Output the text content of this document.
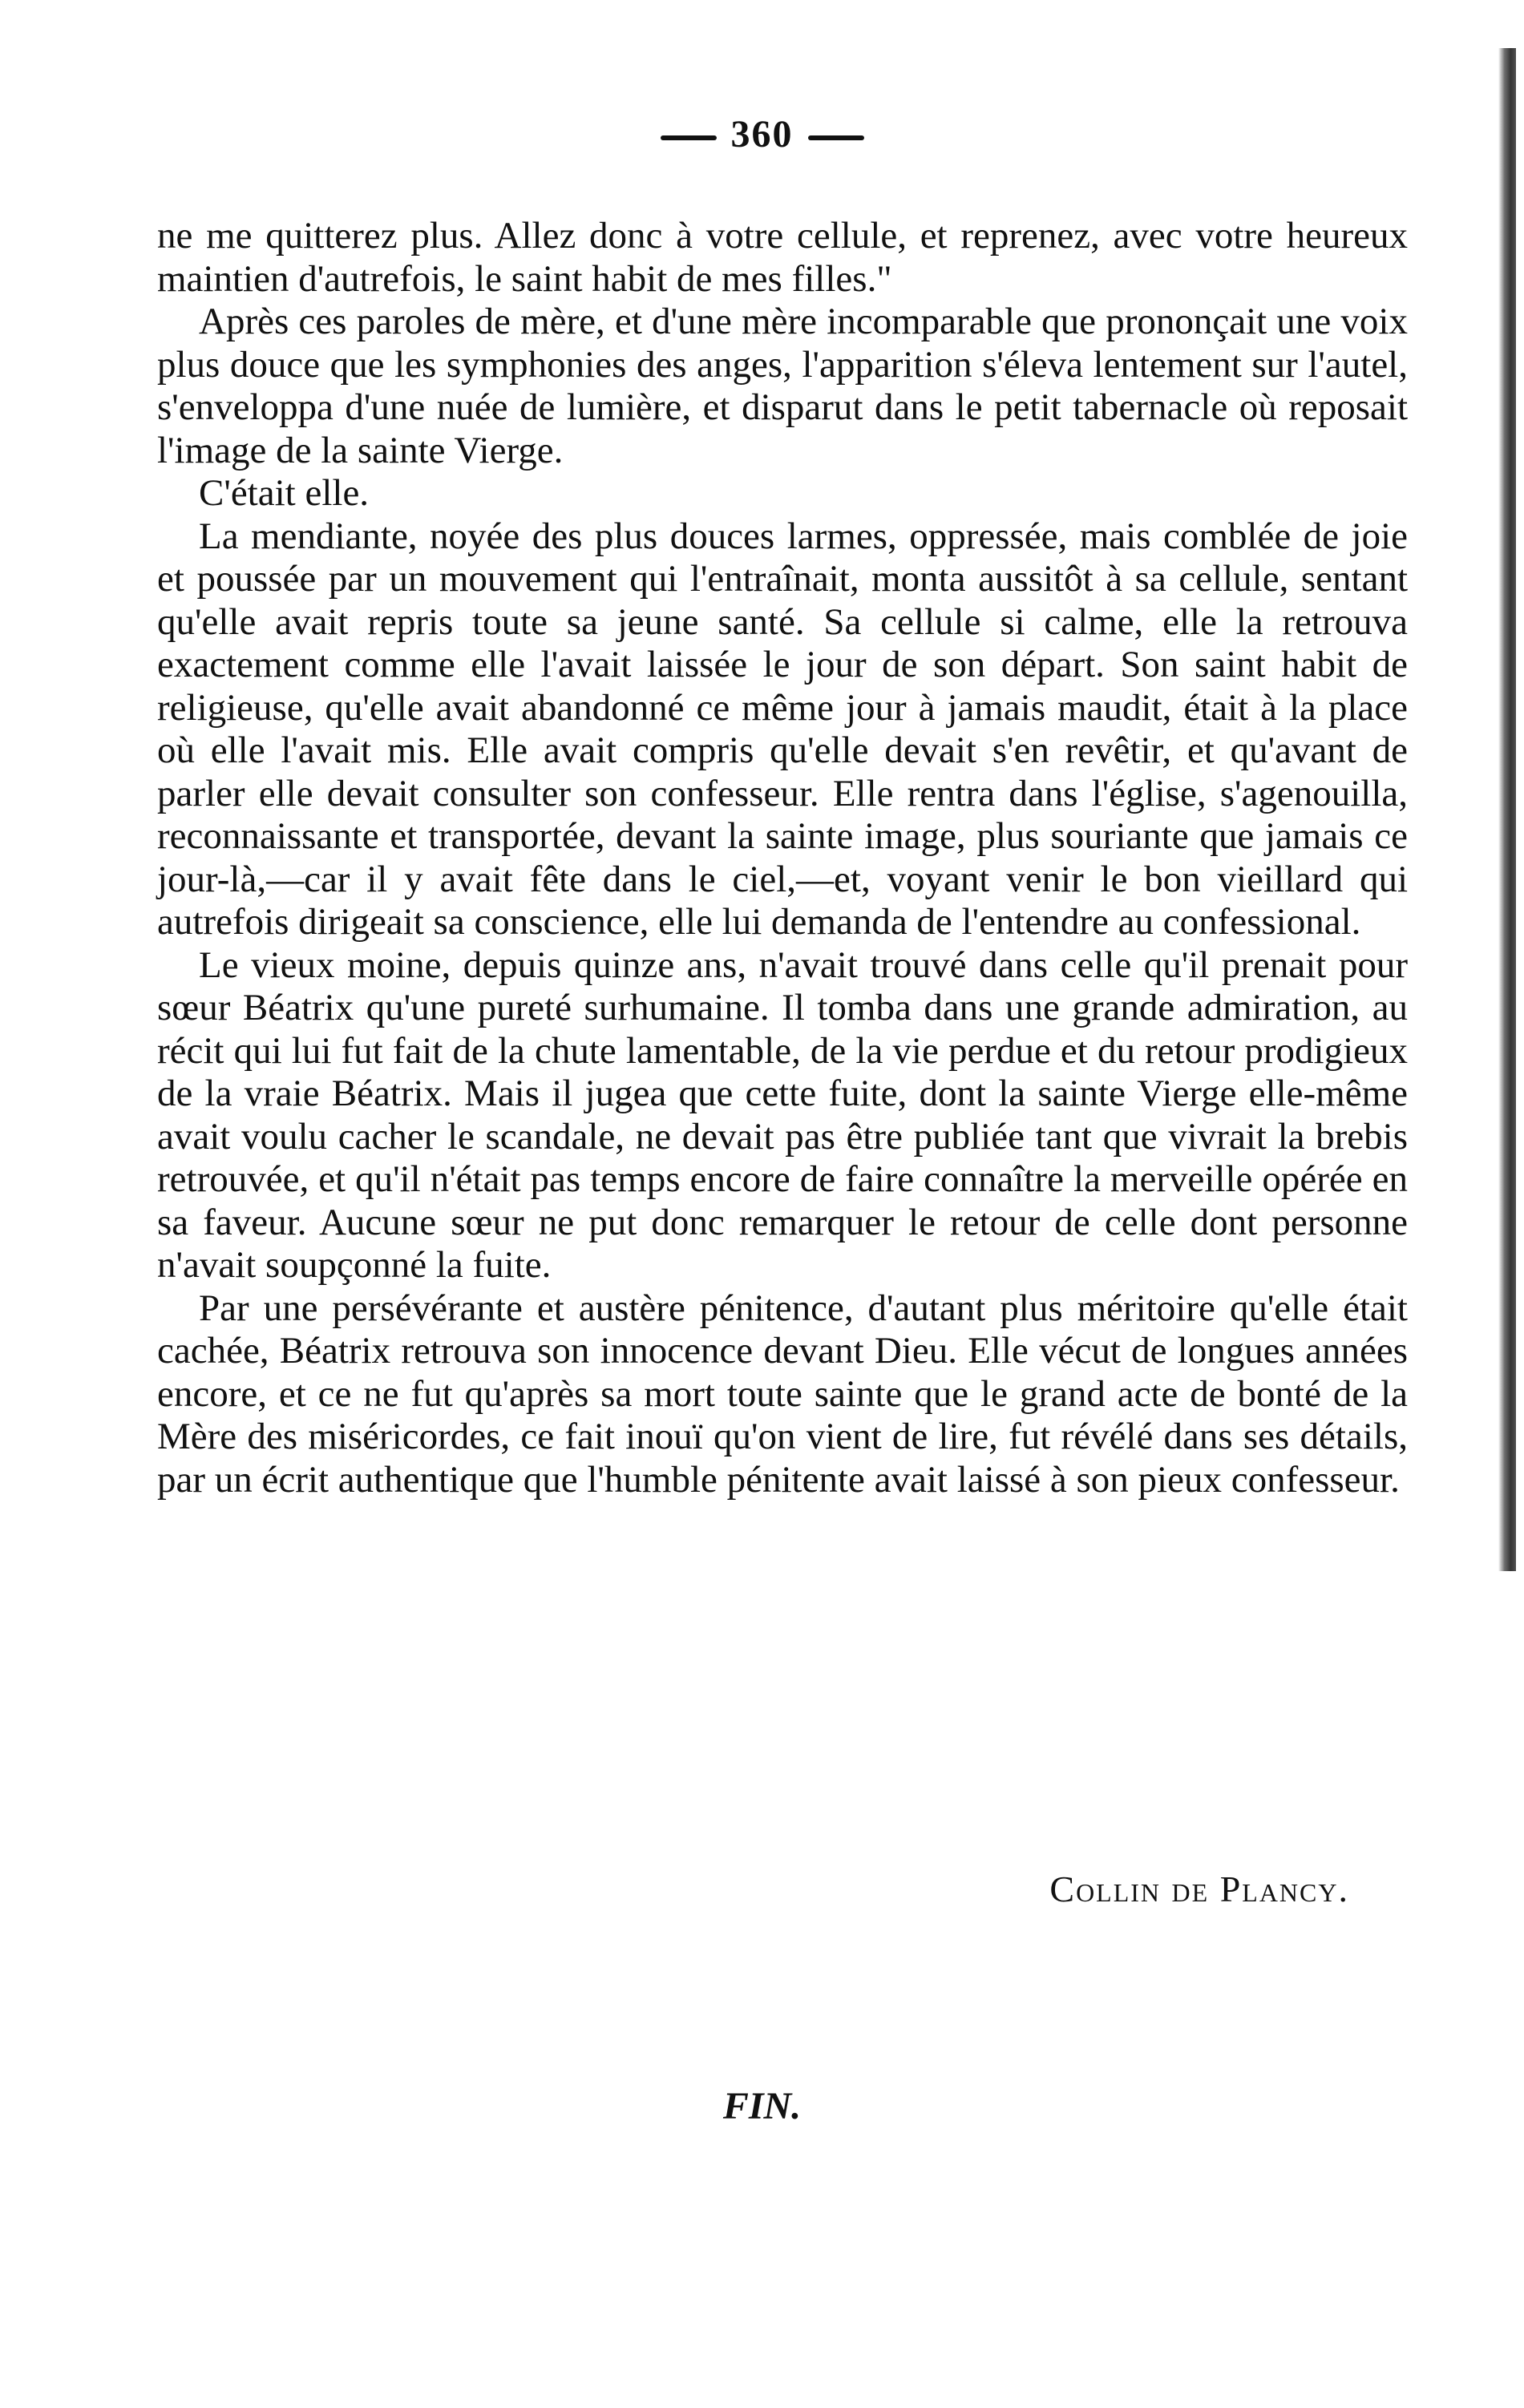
360

ne me quitterez plus. Allez donc à votre cellule, et reprenez, avec votre heureux maintien d'autrefois, le saint habit de mes filles."

Après ces paroles de mère, et d'une mère incomparable que prononçait une voix plus douce que les symphonies des anges, l'apparition s'éleva lentement sur l'autel, s'enveloppa d'une nuée de lumière, et disparut dans le petit tabernacle où reposait l'image de la sainte Vierge.

C'était elle.

La mendiante, noyée des plus douces larmes, oppressée, mais comblée de joie et poussée par un mouvement qui l'entraînait, monta aussitôt à sa cellule, sentant qu'elle avait repris toute sa jeune santé. Sa cellule si calme, elle la retrouva exactement comme elle l'avait laissée le jour de son départ. Son saint habit de religieuse, qu'elle avait abandonné ce même jour à jamais maudit, était à la place où elle l'avait mis. Elle avait compris qu'elle devait s'en revêtir, et qu'avant de parler elle devait consulter son confesseur. Elle rentra dans l'église, s'agenouilla, reconnaissante et transportée, devant la sainte image, plus souriante que jamais ce jour-là,—car il y avait fête dans le ciel,—et, voyant venir le bon vieillard qui autrefois dirigeait sa conscience, elle lui demanda de l'entendre au confessional.

Le vieux moine, depuis quinze ans, n'avait trouvé dans celle qu'il prenait pour sœur Béatrix qu'une pureté surhumaine. Il tomba dans une grande admiration, au récit qui lui fut fait de la chute lamentable, de la vie perdue et du retour prodigieux de la vraie Béatrix. Mais il jugea que cette fuite, dont la sainte Vierge elle-même avait voulu cacher le scandale, ne devait pas être publiée tant que vivrait la brebis retrouvée, et qu'il n'était pas temps encore de faire connaître la merveille opérée en sa faveur. Aucune sœur ne put donc remarquer le retour de celle dont personne n'avait soupçonné la fuite.

Par une persévérante et austère pénitence, d'autant plus méritoire qu'elle était cachée, Béatrix retrouva son innocence devant Dieu. Elle vécut de longues années encore, et ce ne fut qu'après sa mort toute sainte que le grand acte de bonté de la Mère des miséricordes, ce fait inouï qu'on vient de lire, fut révélé dans ses détails, par un écrit authentique que l'humble pénitente avait laissé à son pieux confesseur.

Collin de Plancy.
FIN.
